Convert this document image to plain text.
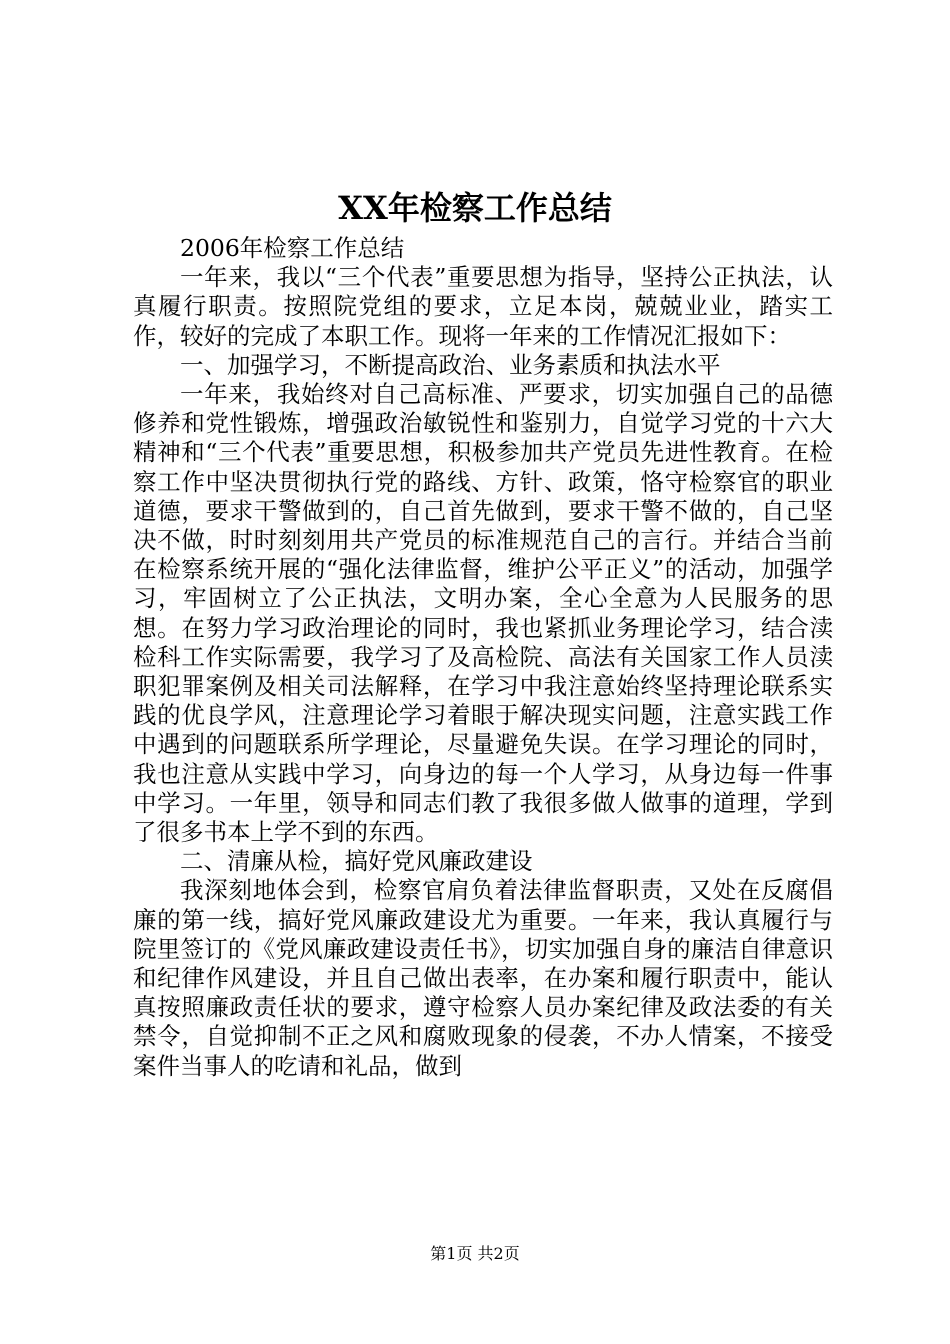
XX年检察工作总结

2006年检察工作总结

一年来，我以“三个代表”重要思想为指导，坚持公正执法，认真履行职责。按照院党组的要求，立足本岗，兢兢业业，踏实工作，较好的完成了本职工作。现将一年来的工作情况汇报如下：

一、加强学习，不断提高政治、业务素质和执法水平

一年来，我始终对自己高标准、严要求，切实加强自己的品德修养和党性锻炼，增强政治敏锐性和鉴别力，自觉学习党的十六大精神和“三个代表”重要思想，积极参加共产党员先进性教育。在检察工作中坚决贯彻执行党的路线、方针、政策，恪守检察官的职业道德，要求干警做到的，自己首先做到，要求干警不做的，自己坚决不做，时时刻刻用共产党员的标准规范自己的言行。并结合当前在检察系统开展的“强化法律监督，维护公平正义”的活动，加强学习，牢固树立了公正执法，文明办案，全心全意为人民服务的思想。在努力学习政治理论的同时，我也紧抓业务理论学习，结合渎检科工作实际需要，我学习了及高检院、高法有关国家工作人员渎职犯罪案例及相关司法解释，在学习中我注意始终坚持理论联系实践的优良学风，注意理论学习着眼于解决现实问题，注意实践工作中遇到的问题联系所学理论，尽量避免失误。在学习理论的同时，我也注意从实践中学习，向身边的每一个人学习，从身边每一件事中学习。一年里，领导和同志们教了我很多做人做事的道理，学到了很多书本上学不到的东西。

二、清廉从检，搞好党风廉政建设

我深刻地体会到，检察官肩负着法律监督职责，又处在反腐倡廉的第一线，搞好党风廉政建设尤为重要。一年来，我认真履行与院里签订的《党风廉政建设责任书》，切实加强自身的廉洁自律意识和纪律作风建设，并且自己做出表率，在办案和履行职责中，能认真按照廉政责任状的要求，遵守检察人员办案纪律及政法委的有关禁令，自觉抑制不正之风和腐败现象的侵袭，不办人情案，不接受案件当事人的吃请和礼品，做到

第1页 共2页
